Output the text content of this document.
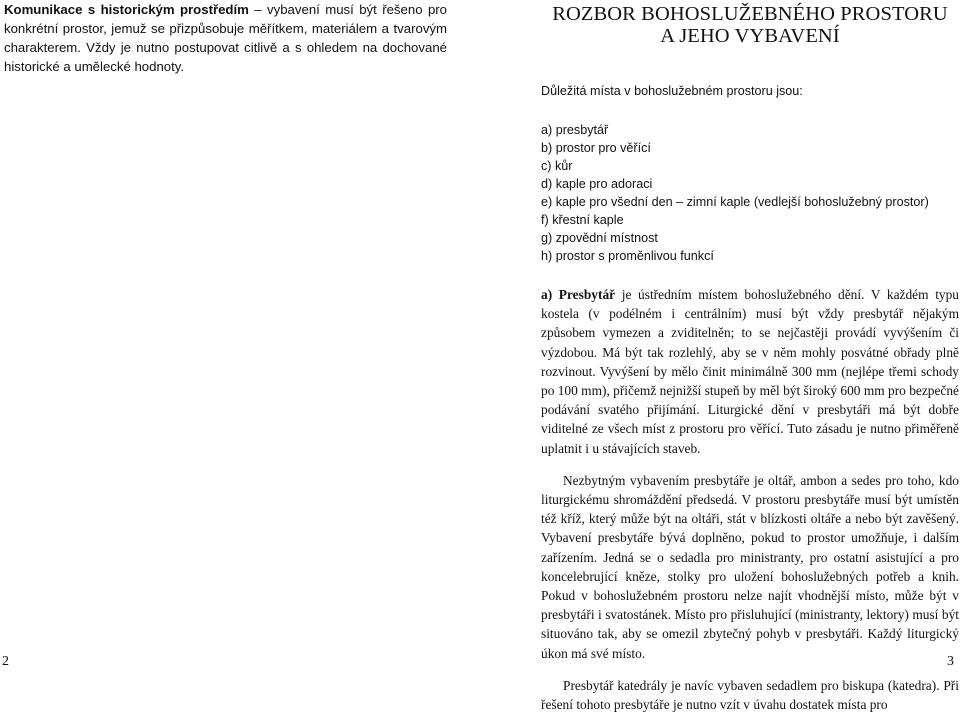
Komunikace s historickým prostředím – vybavení musí být řešeno pro konkrétní prostor, jemuž se přizpůsobuje měřítkem, materiálem a tvarovým charakterem. Vždy je nutno postupovat citlivě a s ohledem na dochované historické a umělecké hodnoty.
ROZBOR BOHOSLUŽEBNÉHO PROSTORU
A JEHO VYBAVENÍ

Důležitá místa v bohoslužebném prostoru jsou:

a) presbytář
b) prostor pro věřící
c) kůr
d) kaple pro adoraci
e) kaple pro všední den – zimní kaple (vedlejší bohoslužebný prostor)
f) křestní kaple
g) zpovědní místnost
h) prostor s proměnlivou funkcí

a) Presbytář je ústředním místem bohoslužebného dění. V každém typu kostela (v podélném i centrálním) musí být vždy presbytář nějakým způsobem vymezen a zviditelněn; to se nejčastěji provádí vyvýšením či výzdobou. Má být tak rozlehlý, aby se v něm mohly posvátné obřady plně rozvinout. Vyvýšení by mělo činit minimálně 300 mm (nejlépe třemi schody po 100 mm), přičemž nejnižší stupeň by měl být široký 600 mm pro bezpečné podávání svatého přijímání. Liturgické dění v presbytáři má být dobře viditelné ze všech míst z prostoru pro věřící. Tuto zásadu je nutno přiměřeně uplatnit i u stávajících staveb.

Nezbytným vybavením presbytáře je oltář, ambon a sedes pro toho, kdo liturgickému shromáždění předsedá. V prostoru presbytáře musí být umístěn též kříž, který může být na oltáři, stát v blízkosti oltáře a nebo být zavěšený. Vybavení presbytáře bývá doplněno, pokud to prostor umožňuje, i dalším zařízením. Jedná se o sedadla pro ministranty, pro ostatní asistující a pro koncelebrující kněze, stolky pro uložení bohoslužebných potřeb a knih. Pokud v bohoslužebném prostoru nelze najít vhodnější místo, může být v presbytáři i svatostánek. Místo pro přisluhující (ministranty, lektory) musí být situováno tak, aby se omezil zbytečný pohyb v presbytáři. Každý liturgický úkon má své místo.

Presbytář katedrály je navíc vybaven sedadlem pro biskupa (katedra). Při řešení tohoto presbytáře je nutno vzít v úvahu dostatek místa pro

2	3
